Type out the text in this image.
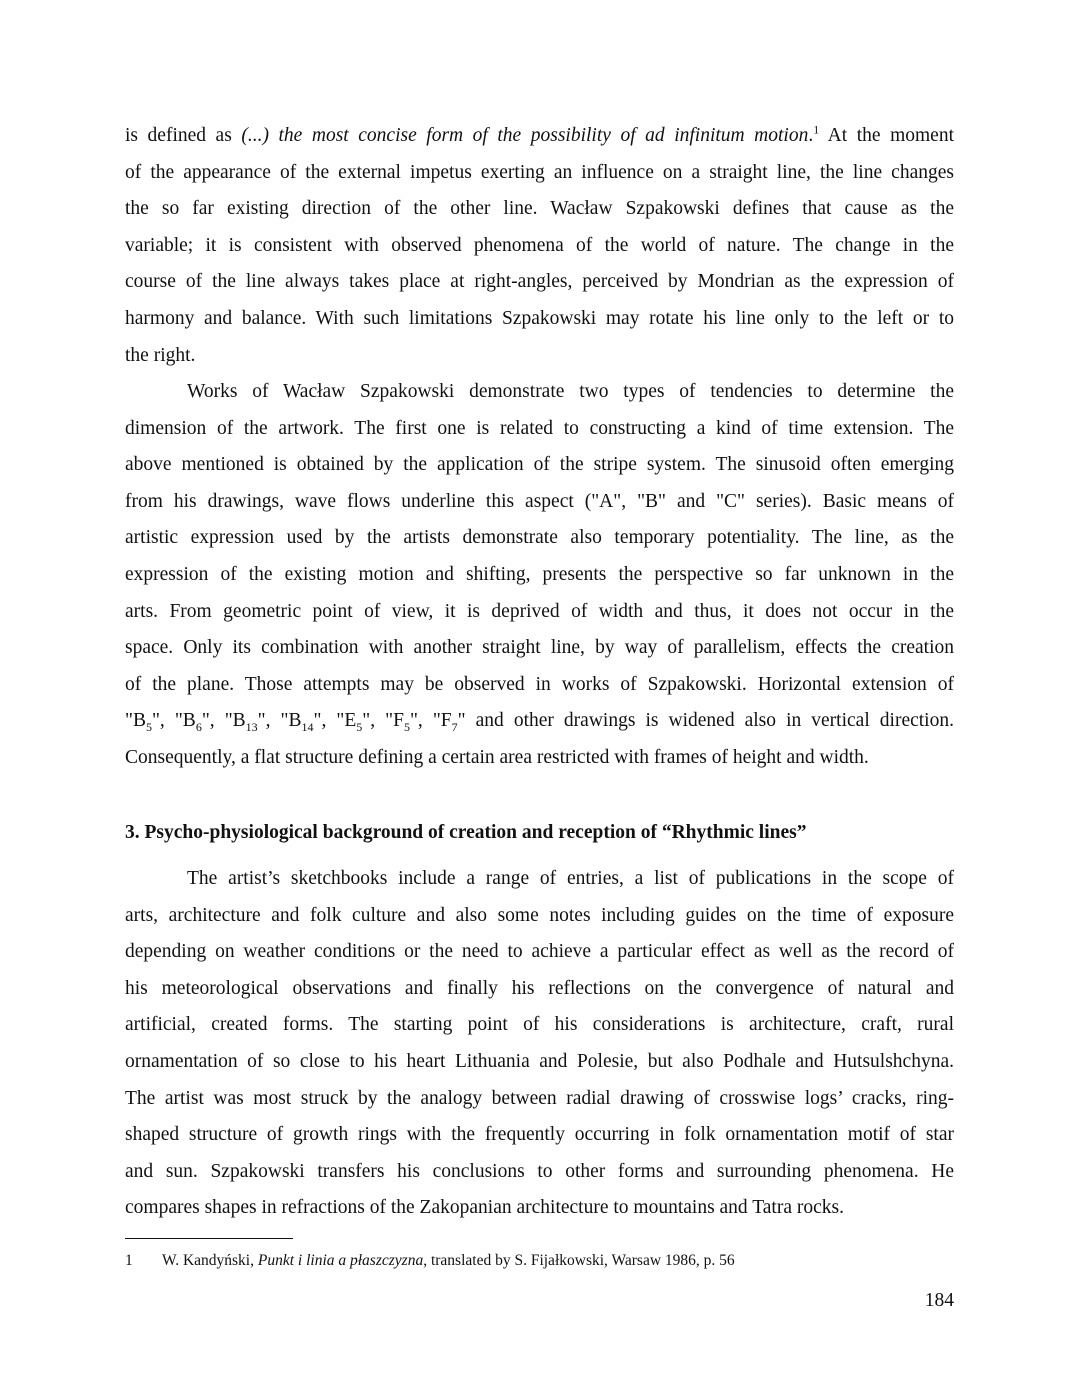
is defined as (...) the most concise form of the possibility of ad infinitum motion.$^1$ At the moment
of the appearance of the external impetus exerting an influence on a straight line, the line changes
the so far existing direction of the other line. Wacław Szpakowski defines that cause as the
variable; it is consistent with observed phenomena of the world of nature. The change in the
course of the line always takes place at right-angles, perceived by Mondrian as the expression of
harmony and balance. With such limitations Szpakowski may rotate his line only to the left or to
the right.
Works of Wacław Szpakowski demonstrate two types of tendencies to determine the
dimension of the artwork. The first one is related to constructing a kind of time extension. The
above mentioned is obtained by the application of the stripe system. The sinusoid often emerging
from his drawings, wave flows underline this aspect ("A", "B" and "C" series). Basic means of
artistic expression used by the artists demonstrate also temporary potentiality. The line, as the
expression of the existing motion and shifting, presents the perspective so far unknown in the
arts. From geometric point of view, it is deprived of width and thus, it does not occur in the
space. Only its combination with another straight line, by way of parallelism, effects the creation
of the plane. Those attempts may be observed in works of Szpakowski. Horizontal extension of
"$B_5$", "$B_6$", "$B_{13}$", "$B_{14}$", "$E_5$", "$F_5$", "$F_7$" and other drawings is widened also in vertical direction.
Consequently, a flat structure defining a certain area restricted with frames of height and width.
3. Psycho-physiological background of creation and reception of “Rhythmic lines”
The artist’s sketchbooks include a range of entries, a list of publications in the scope of
arts, architecture and folk culture and also some notes including guides on the time of exposure
depending on weather conditions or the need to achieve a particular effect as well as the record of
his meteorological observations and finally his reflections on the convergence of natural and
artificial, created forms. The starting point of his considerations is architecture, craft, rural
ornamentation of so close to his heart Lithuania and Polesie, but also Podhale and Hutsulshchyna.
The artist was most struck by the analogy between radial drawing of crosswise logs’ cracks, ring-
shaped structure of growth rings with the frequently occurring in folk ornamentation motif of star
and sun. Szpakowski transfers his conclusions to other forms and surrounding phenomena. He
compares shapes in refractions of the Zakopanian architecture to mountains and Tatra rocks.
1 W. Kandyński, Punkt i linia a płaszczyzna, translated by S. Fijałkowski, Warsaw 1986, p. 56
184
